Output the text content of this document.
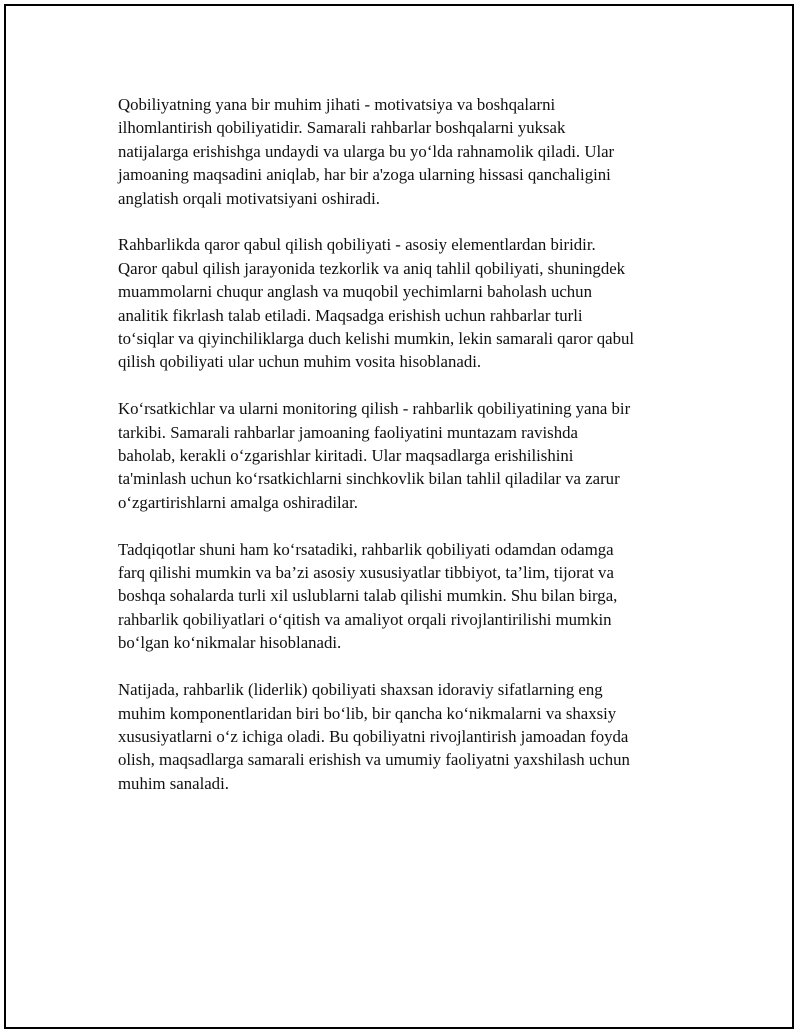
Qobiliyatning yana bir muhim jihati - motivatsiya va boshqalarni
ilhomlantirish qobiliyatidir. Samarali rahbarlar boshqalarni yuksak
natijalarga erishishga undaydi va ularga bu yo‘lda rahnamolik qiladi. Ular
jamoaning maqsadini aniqlab, har bir a'zoga ularning hissasi qanchaligini
anglatish orqali motivatsiyani oshiradi.

Rahbarlikda qaror qabul qilish qobiliyati - asosiy elementlardan biridir.
Qaror qabul qilish jarayonida tezkorlik va aniq tahlil qobiliyati, shuningdek
muammolarni chuqur anglash va muqobil yechimlarni baholash uchun
analitik fikrlash talab etiladi. Maqsadga erishish uchun rahbarlar turli
to‘siqlar va qiyinchiliklarga duch kelishi mumkin, lekin samarali qaror qabul
qilish qobiliyati ular uchun muhim vosita hisoblanadi.

Ko‘rsatkichlar va ularni monitoring qilish - rahbarlik qobiliyatining yana bir
tarkibi. Samarali rahbarlar jamoaning faoliyatini muntazam ravishda
baholab, kerakli o‘zgarishlar kiritadi. Ular maqsadlarga erishilishini
ta'minlash uchun ko‘rsatkichlarni sinchkovlik bilan tahlil qiladilar va zarur
o‘zgartirishlarni amalga oshiradilar.

Tadqiqotlar shuni ham ko‘rsatadiki, rahbarlik qobiliyati odamdan odamga
farq qilishi mumkin va ba’zi asosiy xususiyatlar tibbiyot, ta’lim, tijorat va
boshqa sohalarda turli xil uslublarni talab qilishi mumkin. Shu bilan birga,
rahbarlik qobiliyatlari o‘qitish va amaliyot orqali rivojlantirilishi mumkin
bo‘lgan ko‘nikmalar hisoblanadi.

Natijada, rahbarlik (liderlik) qobiliyati shaxsan idoraviy sifatlarning eng
muhim komponentlaridan biri bo‘lib, bir qancha ko‘nikmalarni va shaxsiy
xususiyatlarni o‘z ichiga oladi. Bu qobiliyatni rivojlantirish jamoadan foyda
olish, maqsadlarga samarali erishish va umumiy faoliyatni yaxshilash uchun
muhim sanaladi.
